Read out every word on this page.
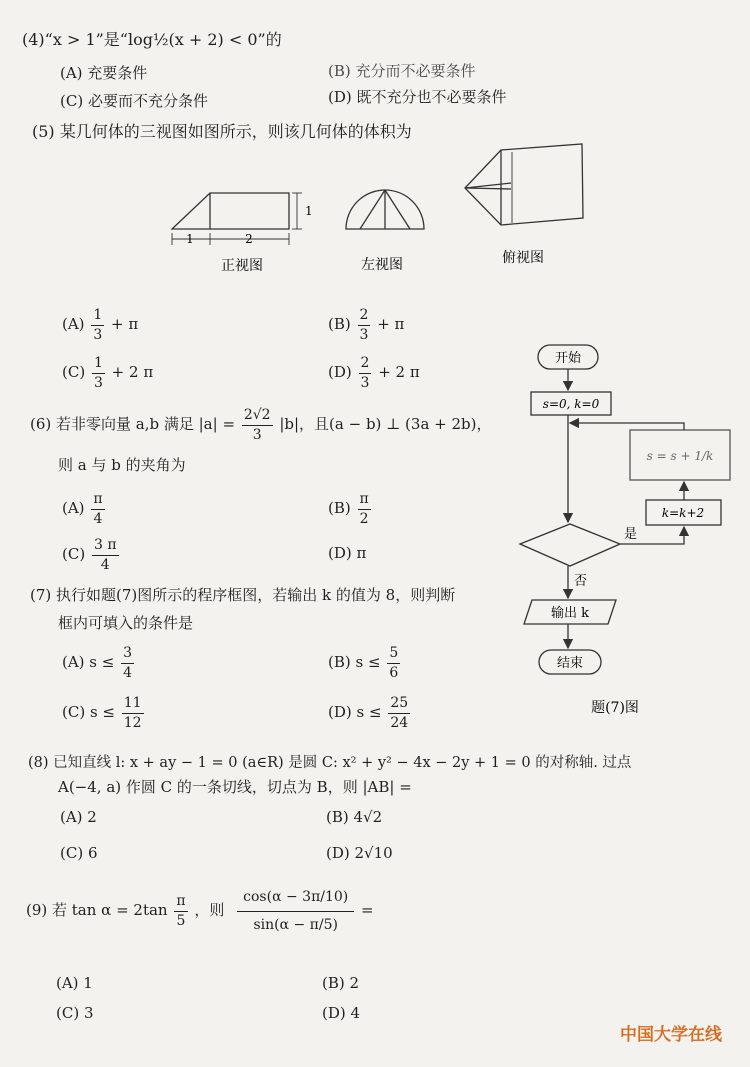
(4)“x > 1”是“log½(x + 2) < 0”的
(A) 充要条件	(B) 充分而不必要条件
(C) 必要而不充分条件	(D) 既不充分也不必要条件
(5) 某几何体的三视图如图所示，则该几何体的体积为
1	2
1
正视图	左视图	俯视图
$(A) \frac{1}{3} + \pi$	$(B) \frac{2}{3} + \pi$
$(C) \frac{1}{3} + 2$ π	$(D) \frac{2}{3} + 2$ π
(6) 若非零向量 a,b 满足 $|a| = \frac{2√2}{3} |b|$，且(a − b) ⊥ (3a + 2b)，
则 a 与 b 的夹角为
$(A) \frac{\pi}{4}$	$(B) \frac{\pi}{2}$
$(C) \frac{3 \pi}{4}$	(D) π
(7) 执行如题(7)图所示的程序框图，若输出 k 的值为 8，则判断
框内可填入的条件是
(A) $s \le \frac{3}{4}$	(B) $s \le \frac{5}{6}$
(C) $s \le \frac{11}{12}$	(D) $s \le \frac{25}{24}$
开始
s=0, k=0
s = s + 1/k
k=k+2
是
否
输出 k
结束
题(7)图
(8) 已知直线 l: x + ay − 1 = 0 (a∈R) 是圆 C: x² + y² − 4x − 2y + 1 = 0 的对称轴. 过点
A(−4, a) 作圆 C 的一条切线，切点为 B，则 |AB| =
(A) 2	(B) 4√2
(C) 6	(D) 2√10
(9) 若 $\tan \alpha = 2\tan \frac{\pi}{5}$ ，则 $\frac{\cos(\alpha - 3\pi/10)}{\sin(\alpha - \pi/5)}$ =
(A) 1	(B) 2
(C) 3	(D) 4
中国大学在线
